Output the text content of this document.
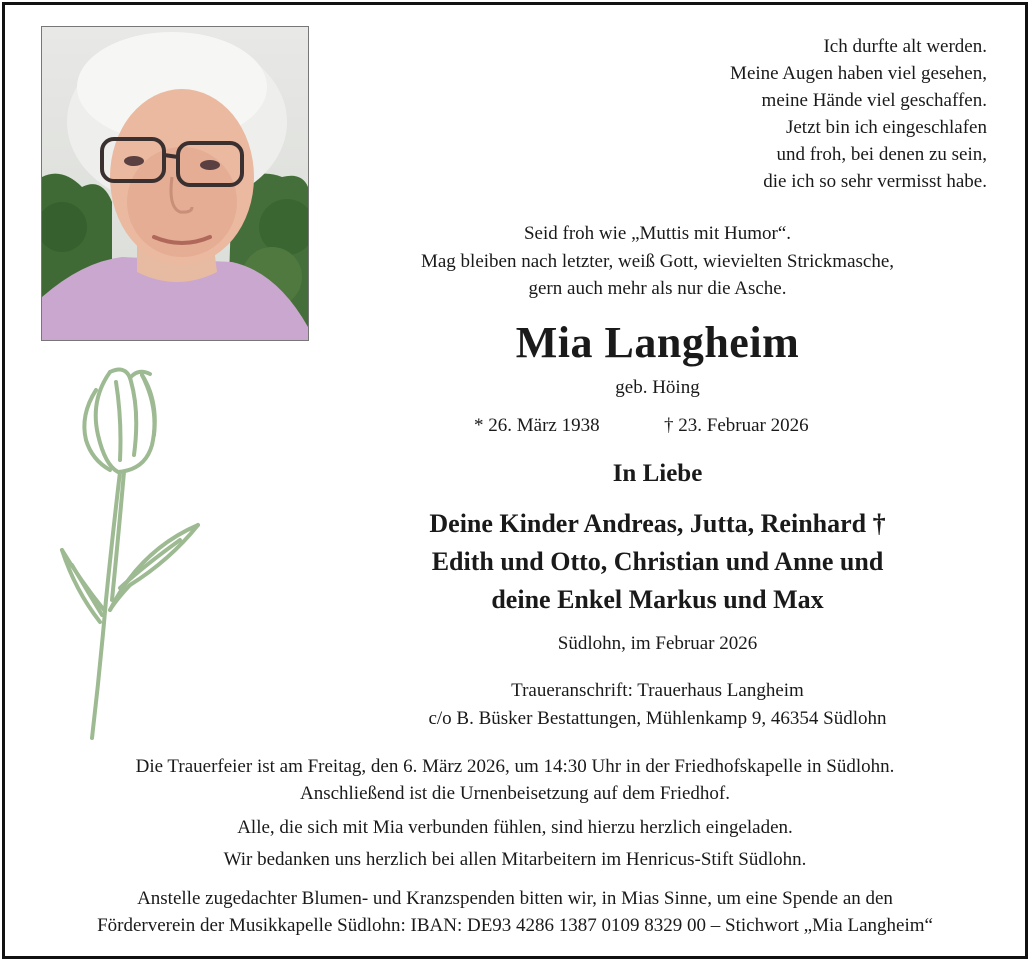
Ich durfte alt werden.
Meine Augen haben viel gesehen,
meine Hände viel geschaffen.
Jetzt bin ich eingeschlafen
und froh, bei denen zu sein,
die ich so sehr vermisst habe.
Seid froh wie „Muttis mit Humor“.
Mag bleiben nach letzter, weiß Gott, wievielten Strickmasche,
gern auch mehr als nur die Asche.
Mia Langheim
geb. Höing
* 26. März 1938	† 23. Februar 2026
In Liebe
Deine Kinder Andreas, Jutta, Reinhard †
Edith und Otto, Christian und Anne und
deine Enkel Markus und Max
Südlohn, im Februar 2026
Traueranschrift: Trauerhaus Langheim
c/o B. Büsker Bestattungen, Mühlenkamp 9, 46354 Südlohn
Die Trauerfeier ist am Freitag, den 6. März 2026, um 14:30 Uhr in der Friedhofskapelle in Südlohn.
Anschließend ist die Urnenbeisetzung auf dem Friedhof.
Alle, die sich mit Mia verbunden fühlen, sind hierzu herzlich eingeladen.
Wir bedanken uns herzlich bei allen Mitarbeitern im Henricus-Stift Südlohn.
Anstelle zugedachter Blumen- und Kranzspenden bitten wir, in Mias Sinne, um eine Spende an den
Förderverein der Musikkapelle Südlohn: IBAN: DE93 4286 1387 0109 8329 00 – Stichwort „Mia Langheim“
